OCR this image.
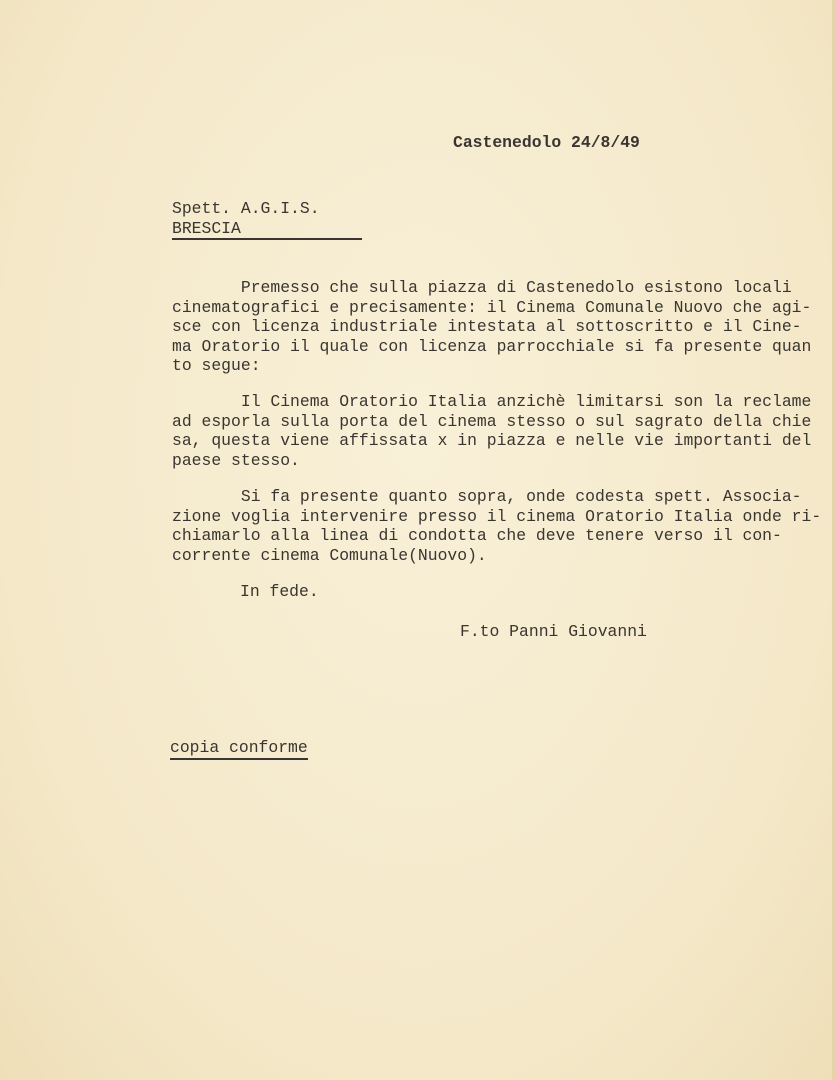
Castenedolo 24/8/49
Spett. A.G.I.S.
BRESCIA
Premesso che sulla piazza di Castenedolo esistono locali
cinematografici e precisamente: il Cinema Comunale Nuovo che agi-
sce con licenza industriale intestata al sottoscritto e il Cine-
ma Oratorio il quale con licenza parrocchiale si fa presente quan
to segue:
Il Cinema Oratorio Italia anzichè limitarsi son la reclame
ad esporla sulla porta del cinema stesso o sul sagrato della chie
sa, questa viene affissata x in piazza e nelle vie importanti del
paese stesso.
Si fa presente quanto sopra, onde codesta spett. Associa-
zione voglia intervenire presso il cinema Oratorio Italia onde ri-
chiamarlo alla linea di condotta che deve tenere verso il con-
corrente cinema Comunale(Nuovo).
In fede.
F.to Panni Giovanni
copia conforme
